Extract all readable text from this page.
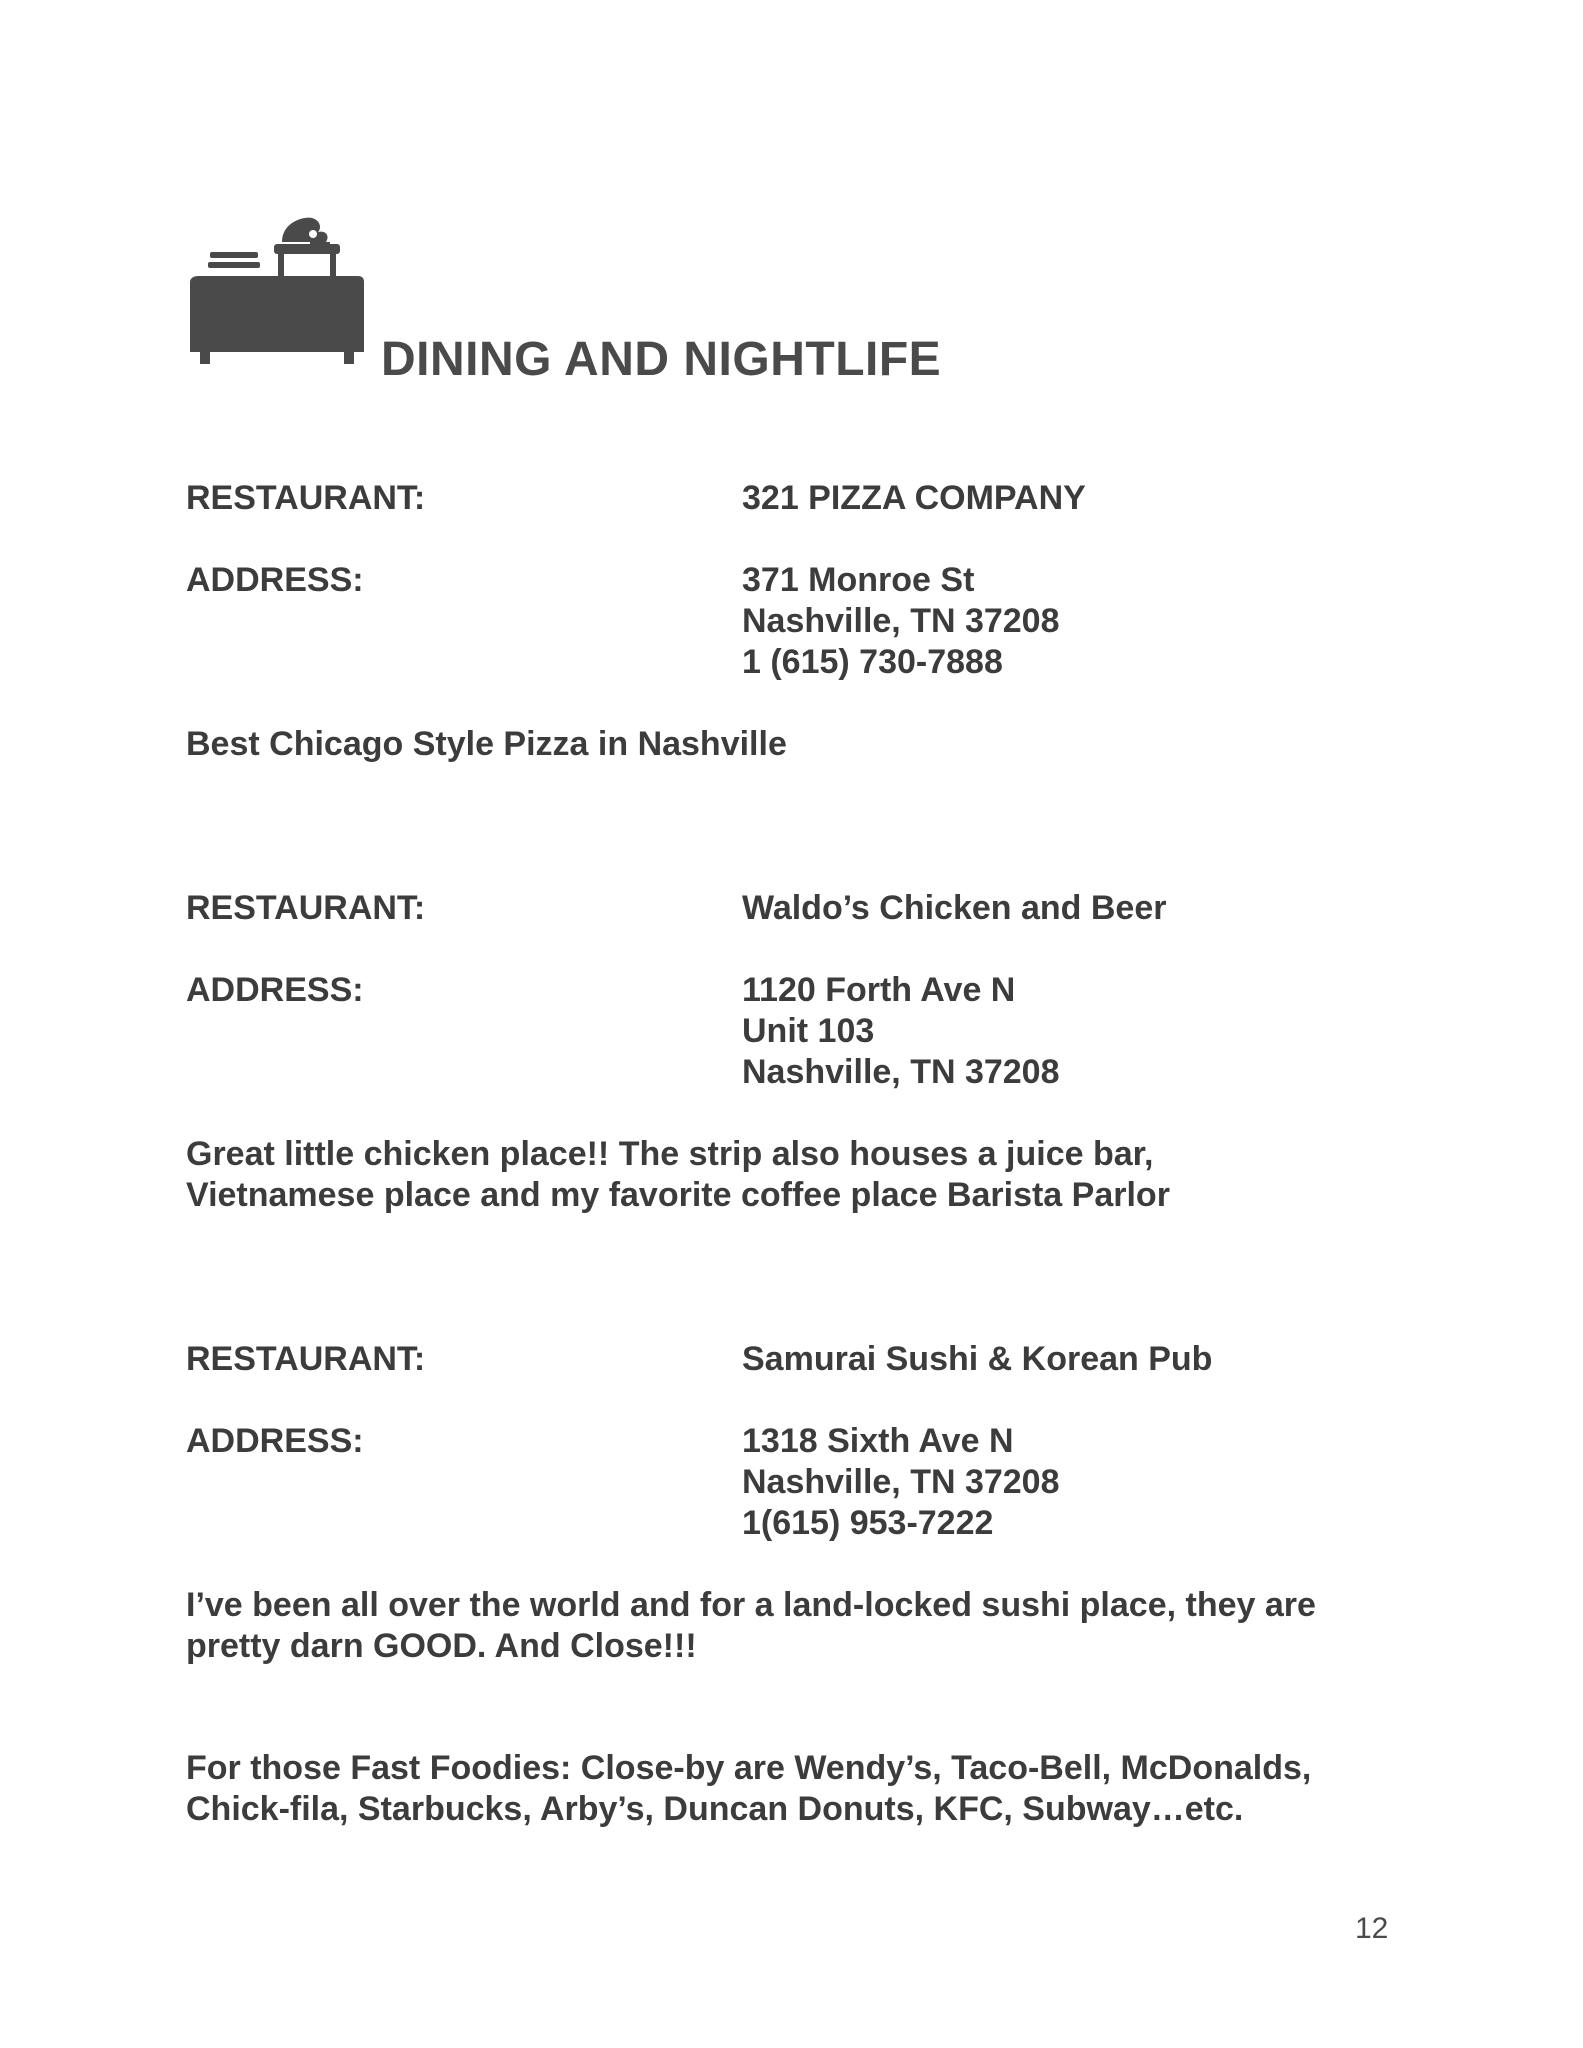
DINING AND NIGHTLIFE
RESTAURANT:	321 PIZZA COMPANY
ADDRESS:	371 Monroe St
Nashville, TN 37208
1 (615) 730-7888
Best Chicago Style Pizza in Nashville
RESTAURANT:	Waldo’s Chicken and Beer
ADDRESS:	1120 Forth Ave N
Unit 103
Nashville, TN 37208
Great little chicken place!! The strip also houses a juice bar,
Vietnamese place and my favorite coffee place Barista Parlor
RESTAURANT:	Samurai Sushi & Korean Pub
ADDRESS:	1318 Sixth Ave N
Nashville, TN 37208
1(615) 953-7222
I’ve been all over the world and for a land-locked sushi place, they are
pretty darn GOOD. And Close!!!
For those Fast Foodies: Close-by are Wendy’s, Taco-Bell, McDonalds,
Chick-fila, Starbucks, Arby’s, Duncan Donuts, KFC, Subway…etc.
12
